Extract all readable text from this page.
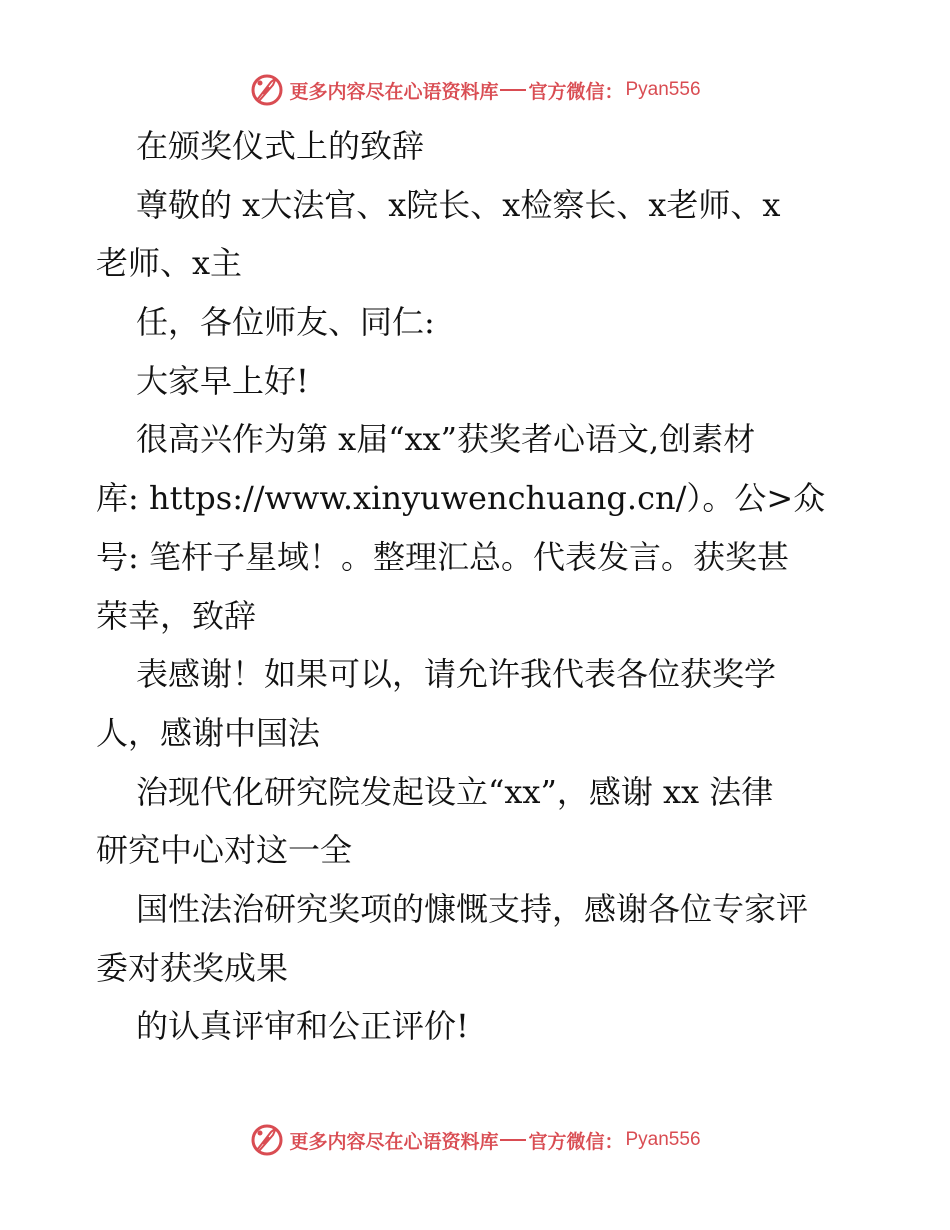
更多内容尽在心语资料库 官方微信： Pyan556
在颁奖仪式上的致辞
尊敬的 x大法官、x院长、x检察长、x老师、x
老师、x主
任，各位师友、同仁:
大家早上好!
很高兴作为第 x届“xx”获奖者心语文,创素材
库: https://www.xinyuwenchuang.cn/）。公>众
号: 笔杆子星域！。整理汇总。代表发言。获奖甚
荣幸，致辞
表感谢！如果可以，请允许我代表各位获奖学
人，感谢中国法
治现代化研究院发起设立“xx”，感谢 xx 法律
研究中心对这一全
国性法治研究奖项的慷慨支持，感谢各位专家评
委对获奖成果
的认真评审和公正评价!
更多内容尽在心语资料库 官方微信： Pyan556
